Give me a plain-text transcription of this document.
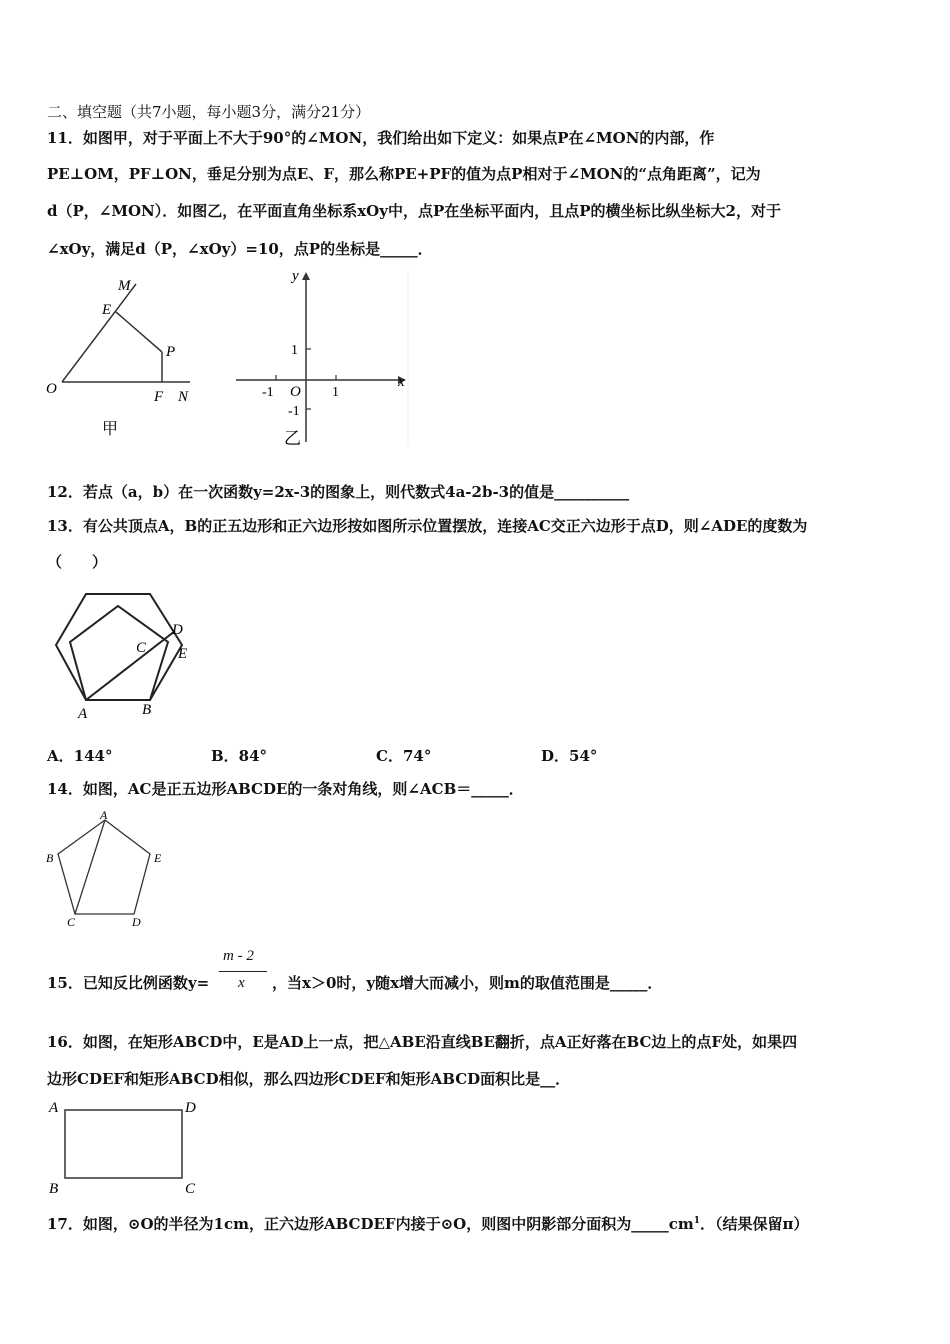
二、填空题（共7小题，每小题3分，满分21分）
11．如图甲，对于平面上不大于90°的∠MON，我们给出如下定义：如果点P在∠MON的内部，作
PE⊥OM，PF⊥ON，垂足分别为点E、F，那么称PE+PF的值为点P相对于∠MON的“点角距离”，记为
d（P，∠MON）．如图乙，在平面直角坐标系xOy中，点P在坐标平面内，且点P的横坐标比纵坐标大2，对于
∠xOy，满足d（P，∠xOy）=10，点P的坐标是_____．
M
E
P
O	F N
甲
y
x
1
-1 O 1
-1
乙
12．若点（a，b）在一次函数y=2x-3的图象上，则代数式4a-2b-3的值是__________
13．有公共顶点A，B的正五边形和正六边形按如图所示位置摆放，连接AC交正六边形于点D，则∠ADE的度数为
（　　）
C
D
E
A	B
A．144°	B．84°	C．74°	D．54°
14．如图，AC是正五边形ABCDE的一条对角线，则∠ACB＝_____．
A
B	E
C	D
15．已知反比例函数y=
m - 2
x ，当x＞0时，y随x增大而减小，则m的取值范围是_____．
16．如图，在矩形ABCD中，E是AD上一点，把△ABE沿直线BE翻折，点A正好落在BC边上的点F处，如果四
边形CDEF和矩形ABCD相似，那么四边形CDEF和矩形ABCD面积比是__．
A	D
B	C
17．如图，⊙O的半径为1cm，正六边形ABCDEF内接于⊙O，则图中阴影部分面积为$\_\_\_\_\_cm^1$．（结果保留π）
